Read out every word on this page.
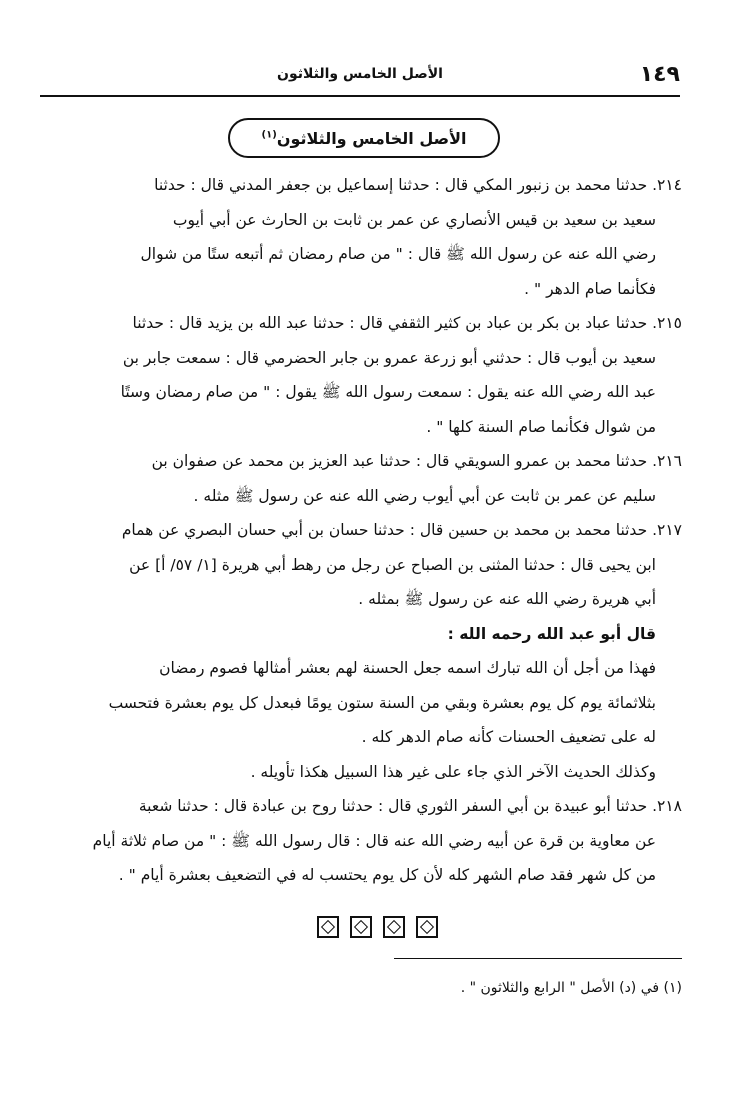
١٤٩
الأصل الخامس والثلاثون
الأصل الخامس والثلاثون$^{(١)}$
٢١٤. حدثنا محمد بن زنبور المكي قال : حدثنا إسماعيل بن جعفر المدني قال : حدثنا
سعيد بن سعيد بن قيس الأنصاري عن عمر بن ثابت بن الحارث عن أبي أيوب
رضي الله عنه عن رسول الله ﷺ قال : " من صام رمضان ثم أتبعه ستًا من شوال
فكأنما صام الدهر " .
٢١٥. حدثنا عباد بن بكر بن عباد بن كثير الثقفي قال : حدثنا عبد الله بن يزيد قال : حدثنا
سعيد بن أيوب قال : حدثني أبو زرعة عمرو بن جابر الحضرمي قال : سمعت جابر بن
عبد الله رضي الله عنه يقول : سمعت رسول الله ﷺ يقول : " من صام رمضان وستًا
من شوال فكأنما صام السنة كلها " .
٢١٦. حدثنا محمد بن عمرو السويقي قال : حدثنا عبد العزيز بن محمد عن صفوان بن
سليم عن عمر بن ثابت عن أبي أيوب رضي الله عنه عن رسول ﷺ مثله .
٢١٧. حدثنا محمد بن محمد بن حسين قال : حدثنا حسان بن أبي حسان البصري عن همام
ابن يحيى قال : حدثنا المثنى بن الصباح عن رجل من رهط أبي هريرة [١/ ٥٧/ أ] عن
أبي هريرة رضي الله عنه عن رسول ﷺ بمثله .
قال أبو عبد الله رحمه الله :
فهذا من أجل أن الله تبارك اسمه جعل الحسنة لهم بعشر أمثالها فصوم رمضان
بثلاثمائة يوم كل يوم بعشرة وبقي من السنة ستون يومًا فبعدل كل يوم بعشرة فتحسب
له على تضعيف الحسنات كأنه صام الدهر كله .
وكذلك الحديث الآخر الذي جاء على غير هذا السبيل هكذا تأويله .
٢١٨. حدثنا أبو عبيدة بن أبي السفر الثوري قال : حدثنا روح بن عبادة قال : حدثنا شعبة
عن معاوية بن قرة عن أبيه رضي الله عنه قال : قال رسول الله ﷺ : " من صام ثلاثة أيام
من كل شهر فقد صام الشهر كله لأن كل يوم يحتسب له في التضعيف بعشرة أيام " .

(١) في (د) الأصل " الرابع والثلاثون " .
